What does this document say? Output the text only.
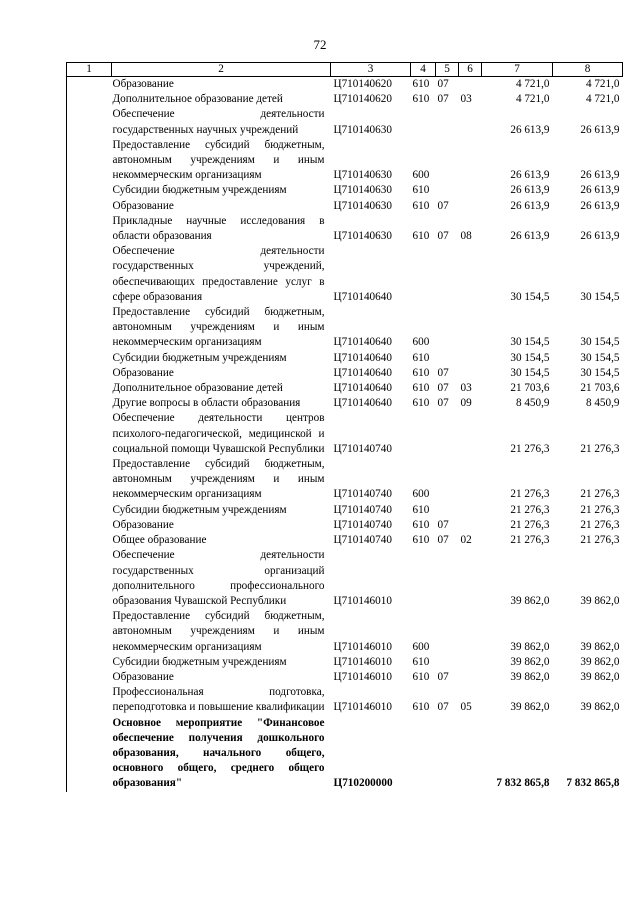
72
1	2	3	4	5	6	7	8
	Образование	Ц710140620	610	07		4 721,0	4 721,0
	Дополнительное образование детей	Ц710140620	610	07	03	4 721,0	4 721,0
	Обеспечение деятельности государственных научных учреждений	Ц710140630				26 613,9	26 613,9
	Предоставление субсидий бюджетным, автономным учреждениям и иным некоммерческим организациям	Ц710140630	600			26 613,9	26 613,9
	Субсидии бюджетным учреждениям	Ц710140630	610			26 613,9	26 613,9
	Образование	Ц710140630	610	07		26 613,9	26 613,9
	Прикладные научные исследования в области образования	Ц710140630	610	07	08	26 613,9	26 613,9
	Обеспечение деятельности государственных учреждений, обеспечивающих предоставление услуг в сфере образования	Ц710140640				30 154,5	30 154,5
	Предоставление субсидий бюджетным, автономным учреждениям и иным некоммерческим организациям	Ц710140640	600			30 154,5	30 154,5
	Субсидии бюджетным учреждениям	Ц710140640	610			30 154,5	30 154,5
	Образование	Ц710140640	610	07		30 154,5	30 154,5
	Дополнительное образование детей	Ц710140640	610	07	03	21 703,6	21 703,6
	Другие вопросы в области образования	Ц710140640	610	07	09	8 450,9	8 450,9
	Обеспечение деятельности центров психолого-педагогической, медицинской и социальной помощи Чувашской Республики	Ц710140740				21 276,3	21 276,3
	Предоставление субсидий бюджетным, автономным учреждениям и иным некоммерческим организациям	Ц710140740	600			21 276,3	21 276,3
	Субсидии бюджетным учреждениям	Ц710140740	610			21 276,3	21 276,3
	Образование	Ц710140740	610	07		21 276,3	21 276,3
	Общее образование	Ц710140740	610	07	02	21 276,3	21 276,3
	Обеспечение деятельности государственных организаций дополнительного профессионального образования Чувашской Республики	Ц710146010				39 862,0	39 862,0
	Предоставление субсидий бюджетным, автономным учреждениям и иным некоммерческим организациям	Ц710146010	600			39 862,0	39 862,0
	Субсидии бюджетным учреждениям	Ц710146010	610			39 862,0	39 862,0
	Образование	Ц710146010	610	07		39 862,0	39 862,0
	Профессиональная подготовка, переподготовка и повышение квалификации	Ц710146010	610	07	05	39 862,0	39 862,0
	Основное мероприятие "Финансовое обеспечение получения дошкольного образования, начального общего, основного общего, среднего общего образования"	Ц710200000				7 832 865,8	7 832 865,8
